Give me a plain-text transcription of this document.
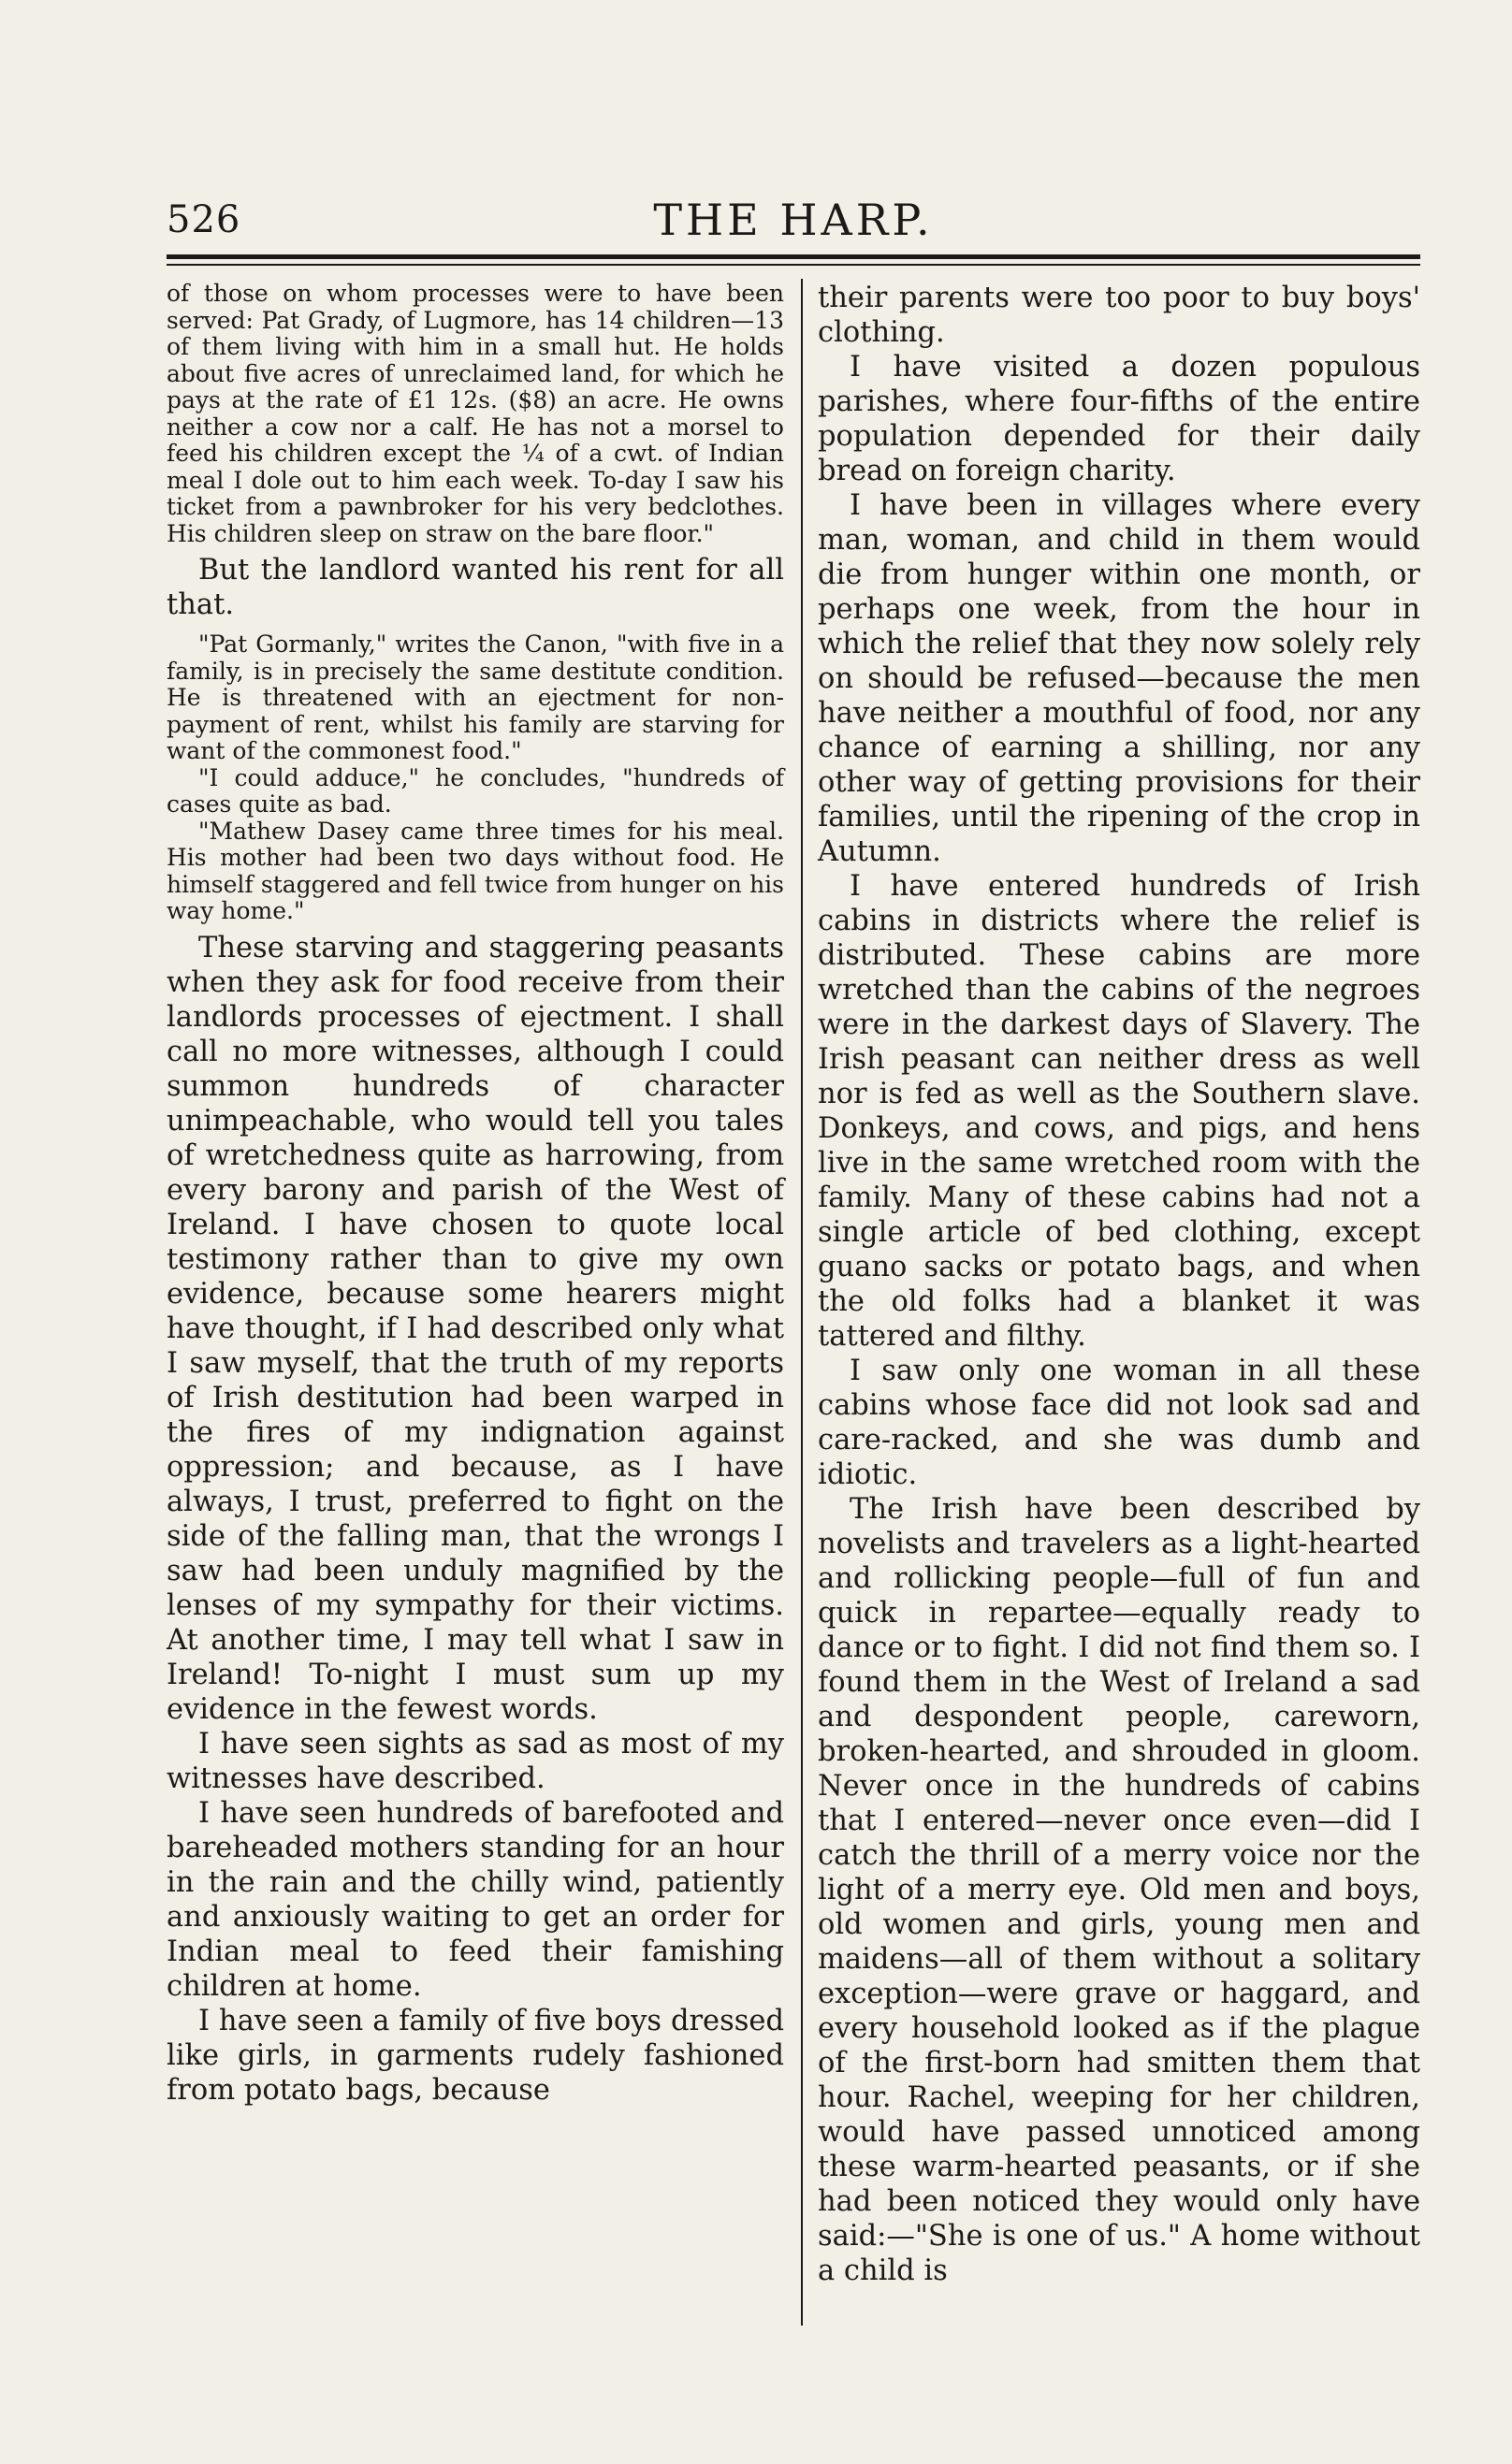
526	THE HARP.

of those on whom processes were to have been served: Pat Grady, of Lugmore, has 14 children—13 of them living with him in a small hut. He holds about five acres of unreclaimed land, for which he pays at the rate of £1 12s. ($8) an acre. He owns neither a cow nor a calf. He has not a morsel to feed his children except the ¼ of a cwt. of Indian meal I dole out to him each week. To-day I saw his ticket from a pawnbroker for his very bedclothes. His children sleep on straw on the bare floor."

But the landlord wanted his rent for all that.

"Pat Gormanly," writes the Canon, "with five in a family, is in precisely the same destitute condition. He is threatened with an ejectment for non-payment of rent, whilst his family are starving for want of the commonest food."

"I could adduce," he concludes, "hundreds of cases quite as bad.

"Mathew Dasey came three times for his meal. His mother had been two days without food. He himself staggered and fell twice from hunger on his way home."

These starving and staggering peasants when they ask for food receive from their landlords processes of ejectment. I shall call no more witnesses, although I could summon hundreds of character unimpeachable, who would tell you tales of wretchedness quite as harrowing, from every barony and parish of the West of Ireland. I have chosen to quote local testimony rather than to give my own evidence, because some hearers might have thought, if I had described only what I saw myself, that the truth of my reports of Irish destitution had been warped in the fires of my indignation against oppression; and because, as I have always, I trust, preferred to fight on the side of the falling man, that the wrongs I saw had been unduly magnified by the lenses of my sympathy for their victims. At another time, I may tell what I saw in Ireland! To-night I must sum up my evidence in the fewest words.

I have seen sights as sad as most of my witnesses have described.

I have seen hundreds of barefooted and bareheaded mothers standing for an hour in the rain and the chilly wind, patiently and anxiously waiting to get an order for Indian meal to feed their famishing children at home.

I have seen a family of five boys dressed like girls, in garments rudely fashioned from potato bags, because

their parents were too poor to buy boys' clothing.

I have visited a dozen populous parishes, where four-fifths of the entire population depended for their daily bread on foreign charity.

I have been in villages where every man, woman, and child in them would die from hunger within one month, or perhaps one week, from the hour in which the relief that they now solely rely on should be refused—because the men have neither a mouthful of food, nor any chance of earning a shilling, nor any other way of getting provisions for their families, until the ripening of the crop in Autumn.

I have entered hundreds of Irish cabins in districts where the relief is distributed. These cabins are more wretched than the cabins of the negroes were in the darkest days of Slavery. The Irish peasant can neither dress as well nor is fed as well as the Southern slave. Donkeys, and cows, and pigs, and hens live in the same wretched room with the family. Many of these cabins had not a single article of bed clothing, except guano sacks or potato bags, and when the old folks had a blanket it was tattered and filthy.

I saw only one woman in all these cabins whose face did not look sad and care-racked, and she was dumb and idiotic.

The Irish have been described by novelists and travelers as a light-hearted and rollicking people—full of fun and quick in repartee—equally ready to dance or to fight. I did not find them so. I found them in the West of Ireland a sad and despondent people, careworn, broken-hearted, and shrouded in gloom. Never once in the hundreds of cabins that I entered—never once even—did I catch the thrill of a merry voice nor the light of a merry eye. Old men and boys, old women and girls, young men and maidens—all of them without a solitary exception—were grave or haggard, and every household looked as if the plague of the first-born had smitten them that hour. Rachel, weeping for her children, would have passed unnoticed among these warm-hearted peasants, or if she had been noticed they would only have said:—"She is one of us." A home without a child is
